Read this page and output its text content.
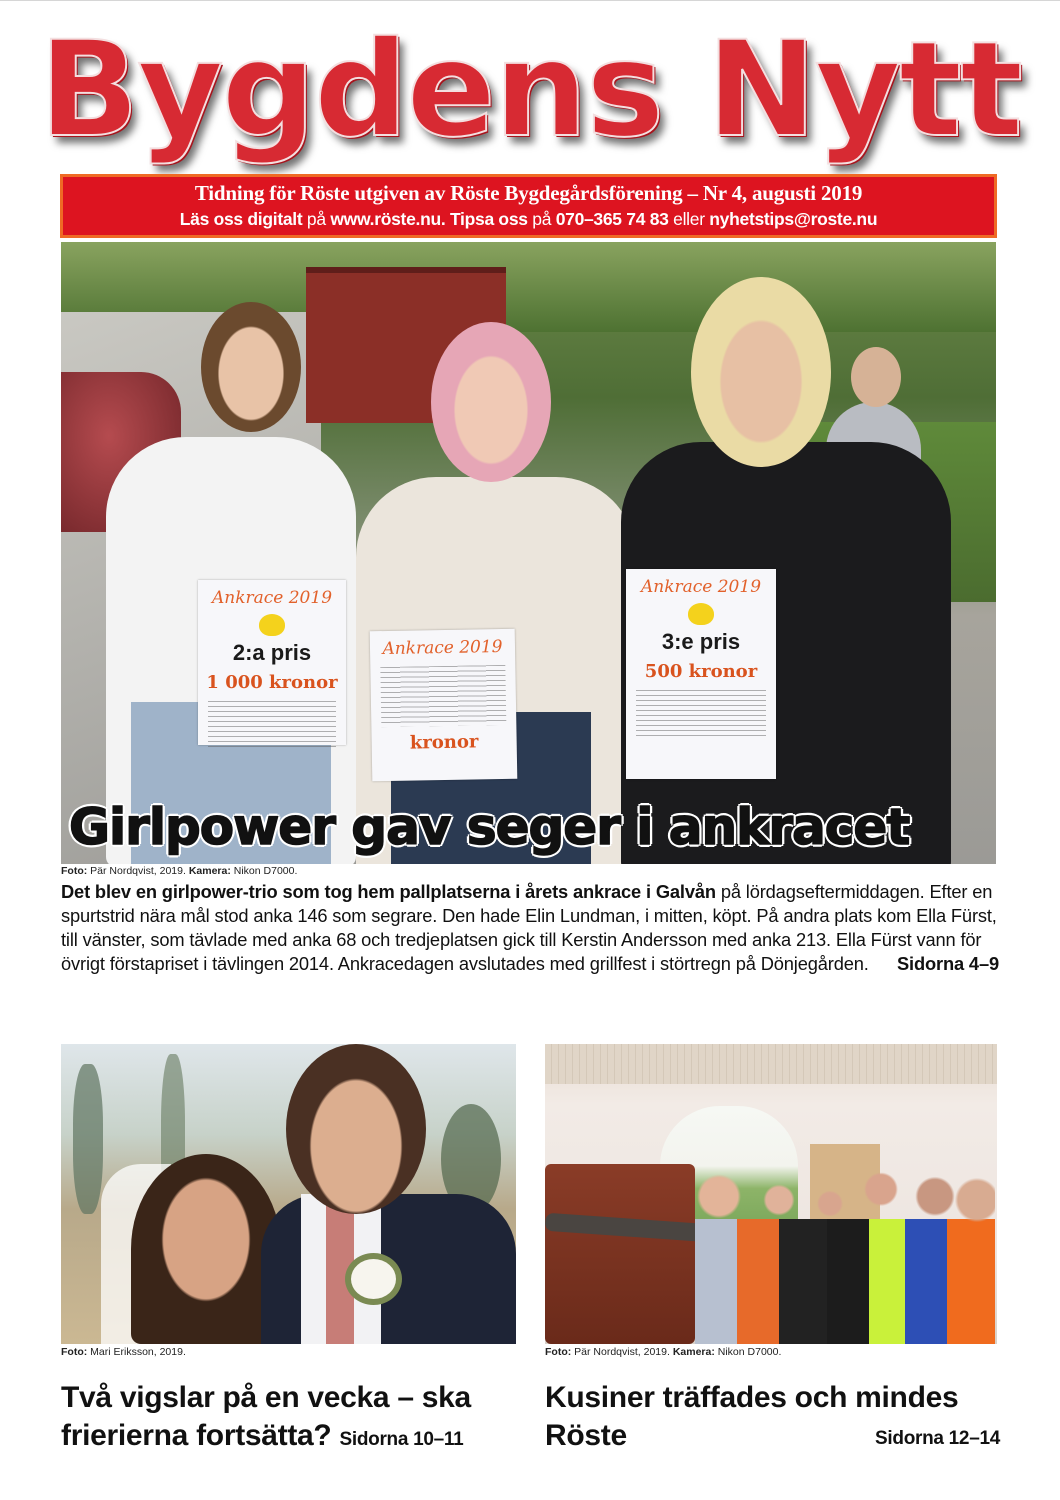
Bygdens Nytt
Tidning för Röste utgiven av Röste Bygdegårdsförening – Nr 4, augusti 2019
Läs oss digitalt på www.röste.nu. Tipsa oss på 070–365 74 83 eller nyhetstips@roste.nu
Ankrace 2019
2:a pris
1 000 kronor
Ankrace 2019
kronor
Ankrace 2019
3:e pris
500 kronor
Girlpower gav seger i ankracet
Foto: Pär Nordqvist, 2019. Kamera: Nikon D7000.
Det blev en girlpower-trio som tog hem pallplatserna i årets ankrace i Galvån på lördagseftermiddagen. Efter en spurtstrid nära mål stod anka 146 som segrare. Den hade Elin Lundman, i mitten, köpt. På andra plats kom Ella Fürst, till vänster, som tävlade med anka 68 och tredjeplatsen gick till Kerstin Andersson med anka 213. Ella Fürst vann för övrigt förstapriset i tävlingen 2014. Ankracedagen avslutades med grillfest i störtregn på Dönjegården. Sidorna 4–9
Foto: Mari Eriksson, 2019.	Foto: Pär Nordqvist, 2019. Kamera: Nikon D7000.
Två vigslar på en vecka – ska frierierna fortsätta? Sidorna 10–11
Kusiner träffades och mindes
Röste	Sidorna 12–14
